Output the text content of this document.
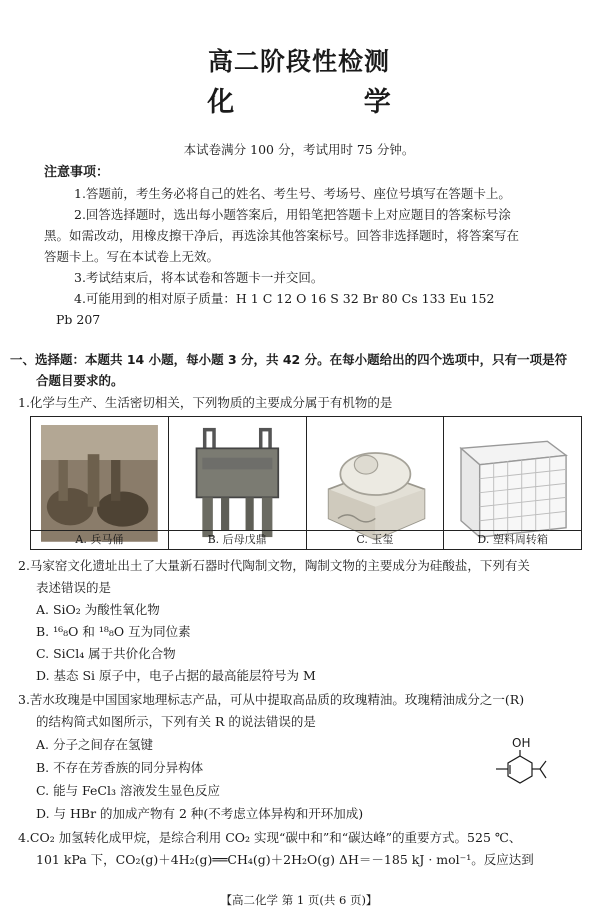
高二阶段性检测
化 学
本试卷满分 100 分，考试用时 75 分钟。
注意事项：
1.答题前，考生务必将自己的姓名、考生号、考场号、座位号填写在答题卡上。
2.回答选择题时，选出每小题答案后，用铅笔把答题卡上对应题目的答案标号涂
黑。如需改动，用橡皮擦干净后，再选涂其他答案标号。回答非选择题时，将答案写在
答题卡上。写在本试卷上无效。
3.考试结束后，将本试卷和答题卡一并交回。
4.可能用到的相对原子质量：H 1 C 12 O 16 S 32 Br 80 Cs 133 Eu 152
Pb 207
一、选择题：本题共 14 小题，每小题 3 分，共 42 分。在每小题给出的四个选项中，只有一项是符
合题目要求的。
1.化学与生产、生活密切相关，下列物质的主要成分属于有机物的是
A. 兵马俑	B. 后母戊鼎	C. 玉玺	D. 塑料周转箱
2.马家窑文化遗址出土了大量新石器时代陶制文物，陶制文物的主要成分为硅酸盐，下列有关
表述错误的是
A. SiO₂ 为酸性氧化物
B. ¹⁶₈O 和 ¹⁸₈O 互为同位素
C. SiCl₄ 属于共价化合物
D. 基态 Si 原子中，电子占据的最高能层符号为 M
3.苦水玫瑰是中国国家地理标志产品，可从中提取高品质的玫瑰精油。玫瑰精油成分之一(R)
的结构简式如图所示，下列有关 R 的说法错误的是
A. 分子之间存在氢键
B. 不存在芳香族的同分异构体
C. 能与 FeCl₃ 溶液发生显色反应
D. 与 HBr 的加成产物有 2 种(不考虑立体异构和开环加成)
OH
4.CO₂ 加氢转化成甲烷，是综合利用 CO₂ 实现“碳中和”和“碳达峰”的重要方式。525 ℃、
101 kPa 下，CO₂(g)＋4H₂(g)══CH₄(g)＋2H₂O(g) ΔH＝－185 kJ · mol⁻¹。反应达到
【高二化学 第 1 页(共 6 页)】
